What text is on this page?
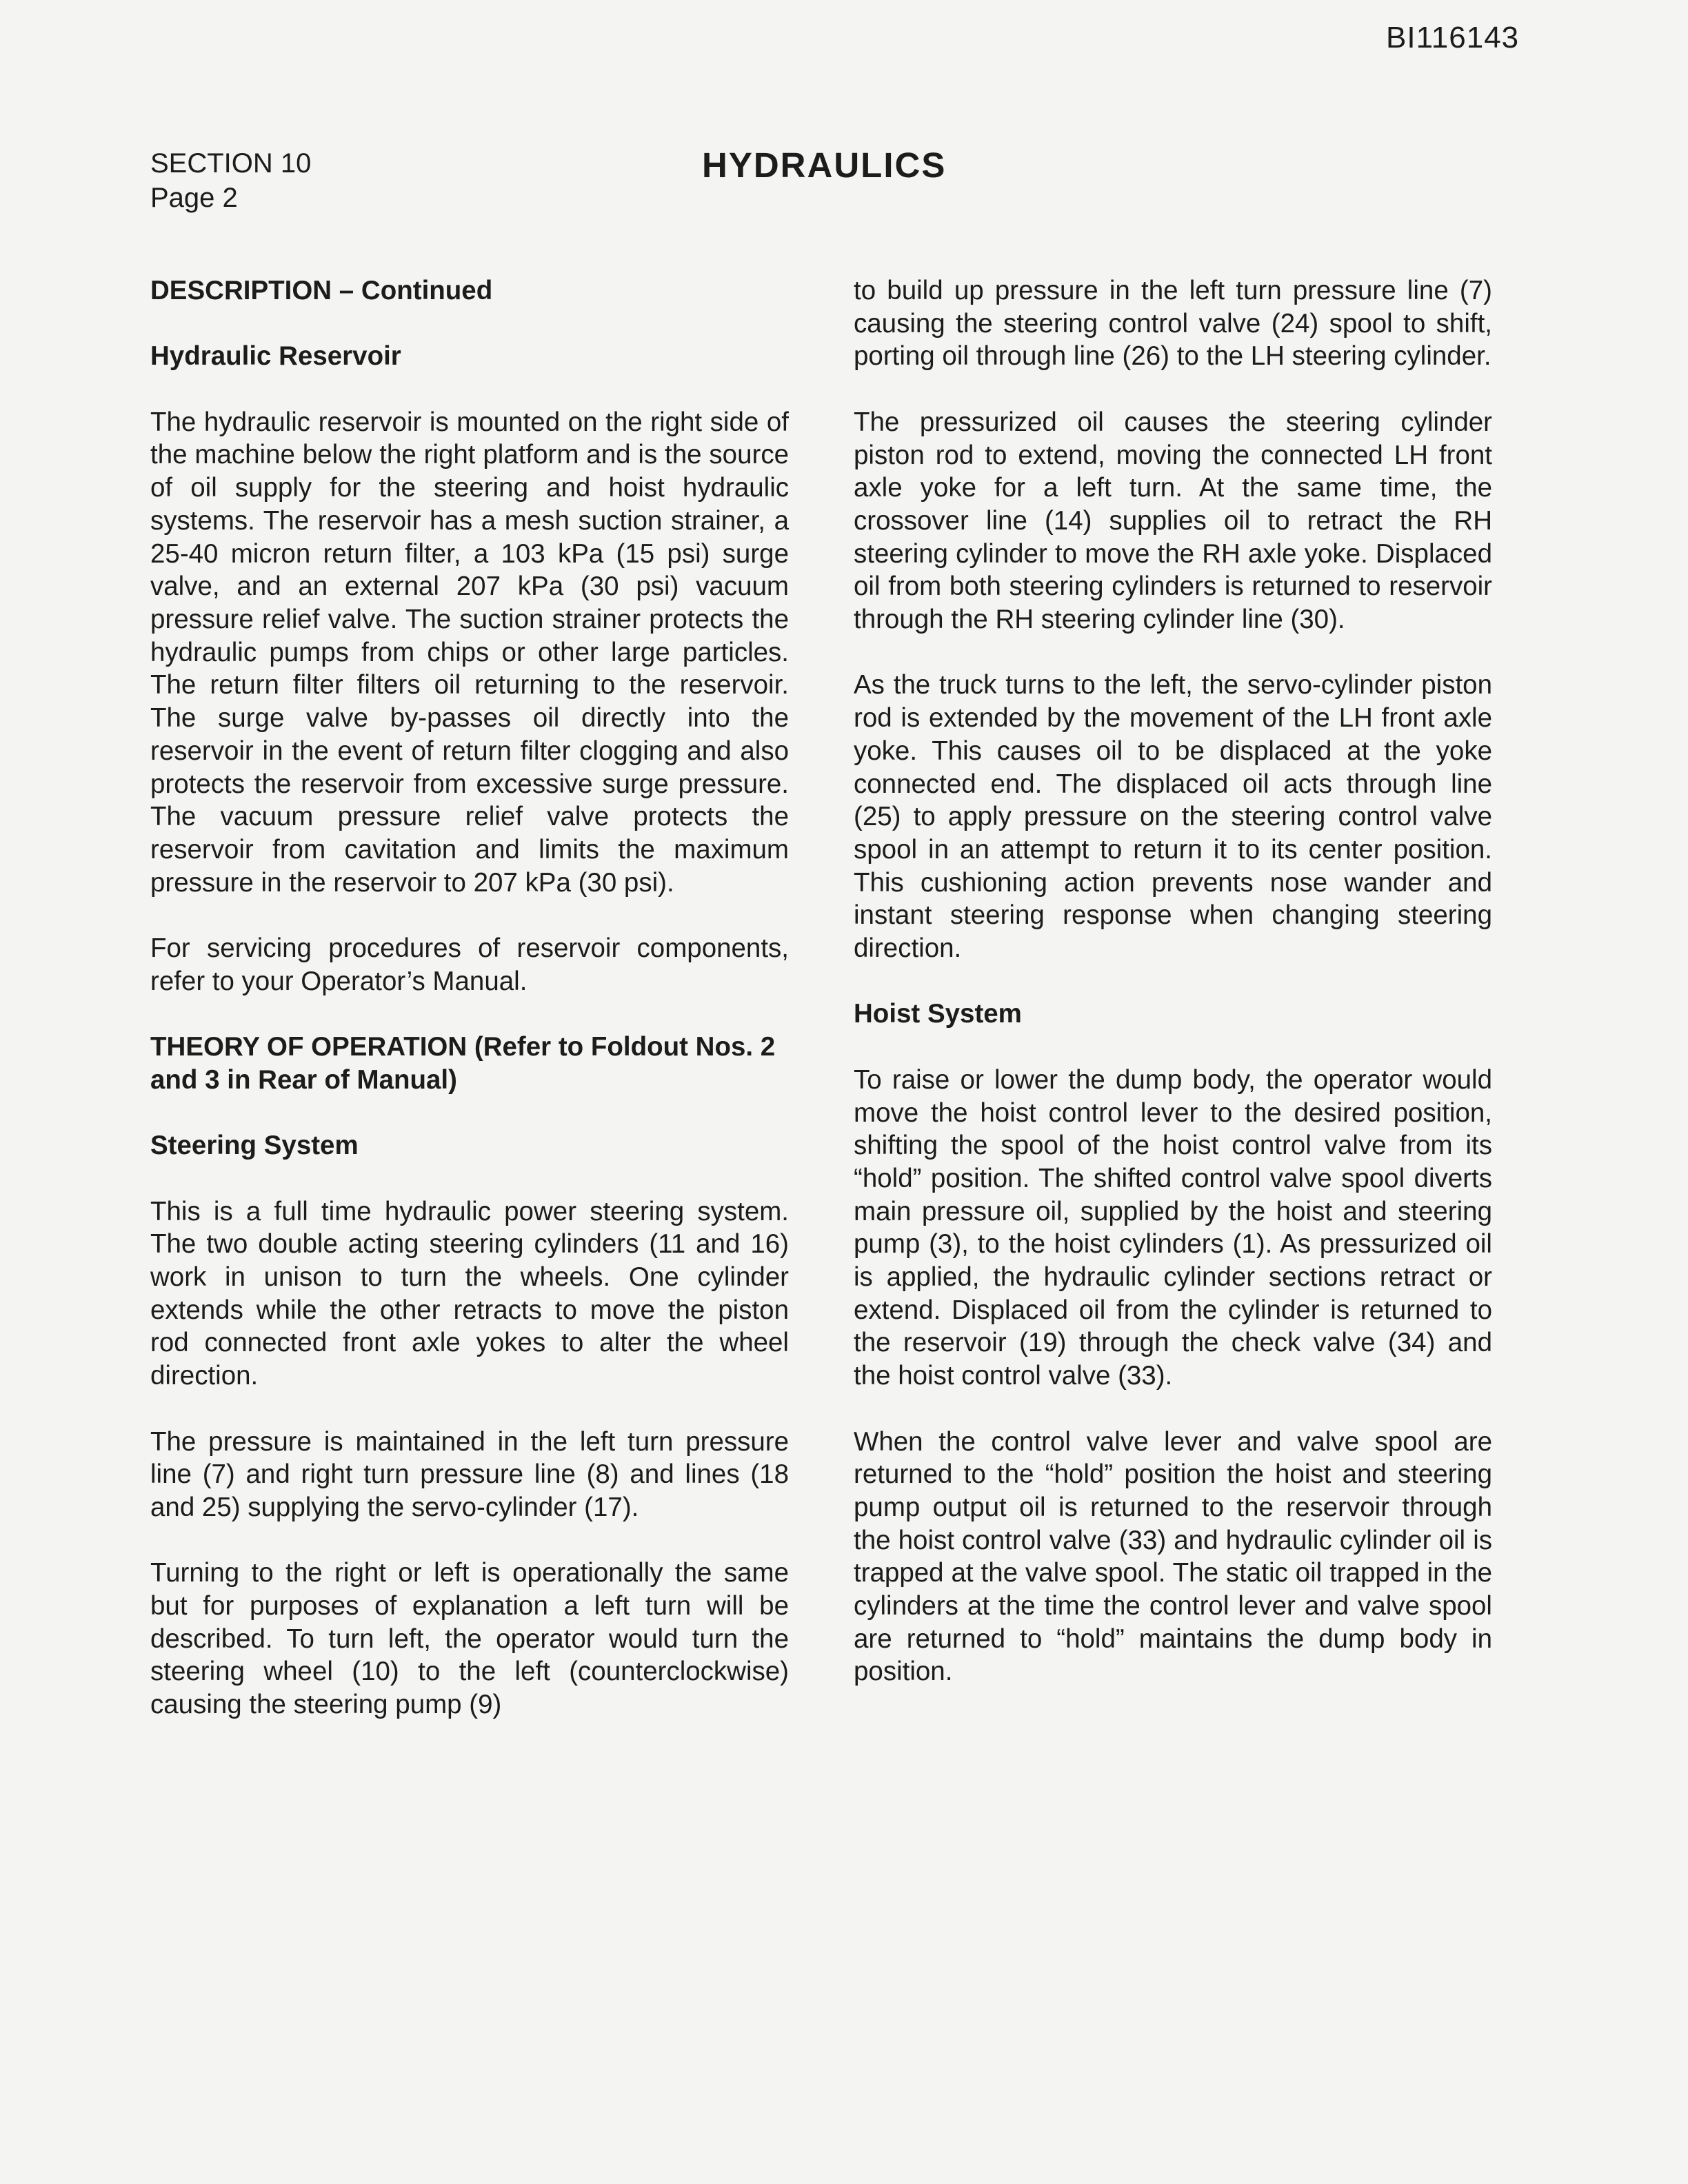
BI116143
SECTION 10
Page 2
HYDRAULICS
DESCRIPTION – Continued
Hydraulic Reservoir

The hydraulic reservoir is mounted on the right side of the machine below the right platform and is the source of oil supply for the steering and hoist hydraulic systems. The reservoir has a mesh suction strainer, a 25-40 micron return filter, a 103 kPa (15 psi) surge valve, and an external 207 kPa (30 psi) vacuum pressure relief valve. The suction strainer protects the hydraulic pumps from chips or other large particles. The return filter filters oil returning to the reservoir. The surge valve by-passes oil directly into the reservoir in the event of return filter clogging and also protects the reservoir from excessive surge pressure. The vacuum pressure relief valve protects the reservoir from cavitation and limits the maximum pressure in the reservoir to 207 kPa (30 psi).

For servicing procedures of reservoir components, refer to your Operator’s Manual.

THEORY OF OPERATION (Refer to Foldout Nos. 2 and 3 in Rear of Manual)
Steering System

This is a full time hydraulic power steering system. The two double acting steering cylinders (11 and 16) work in unison to turn the wheels. One cylinder extends while the other retracts to move the piston rod connected front axle yokes to alter the wheel direction.

The pressure is maintained in the left turn pressure line (7) and right turn pressure line (8) and lines (18 and 25) supplying the servo-cylinder (17).

Turning to the right or left is operationally the same but for purposes of explanation a left turn will be described. To turn left, the operator would turn the steering wheel (10) to the left (counterclockwise) causing the steering pump (9)

to build up pressure in the left turn pressure line (7) causing the steering control valve (24) spool to shift, porting oil through line (26) to the LH steering cylinder.

The pressurized oil causes the steering cylinder piston rod to extend, moving the connected LH front axle yoke for a left turn. At the same time, the crossover line (14) supplies oil to retract the RH steering cylinder to move the RH axle yoke. Displaced oil from both steering cylinders is returned to reservoir through the RH steering cylinder line (30).

As the truck turns to the left, the servo-cylinder piston rod is extended by the movement of the LH front axle yoke. This causes oil to be displaced at the yoke connected end. The displaced oil acts through line (25) to apply pressure on the steering control valve spool in an attempt to return it to its center position. This cushioning action prevents nose wander and instant steering response when changing steering direction.

Hoist System

To raise or lower the dump body, the operator would move the hoist control lever to the desired position, shifting the spool of the hoist control valve from its “hold” position. The shifted control valve spool diverts main pressure oil, supplied by the hoist and steering pump (3), to the hoist cylinders (1). As pressurized oil is applied, the hydraulic cylinder sections retract or extend. Displaced oil from the cylinder is returned to the reservoir (19) through the check valve (34) and the hoist control valve (33).

When the control valve lever and valve spool are returned to the “hold” position the hoist and steering pump output oil is returned to the reservoir through the hoist control valve (33) and hydraulic cylinder oil is trapped at the valve spool. The static oil trapped in the cylinders at the time the control lever and valve spool are returned to “hold” maintains the dump body in position.
